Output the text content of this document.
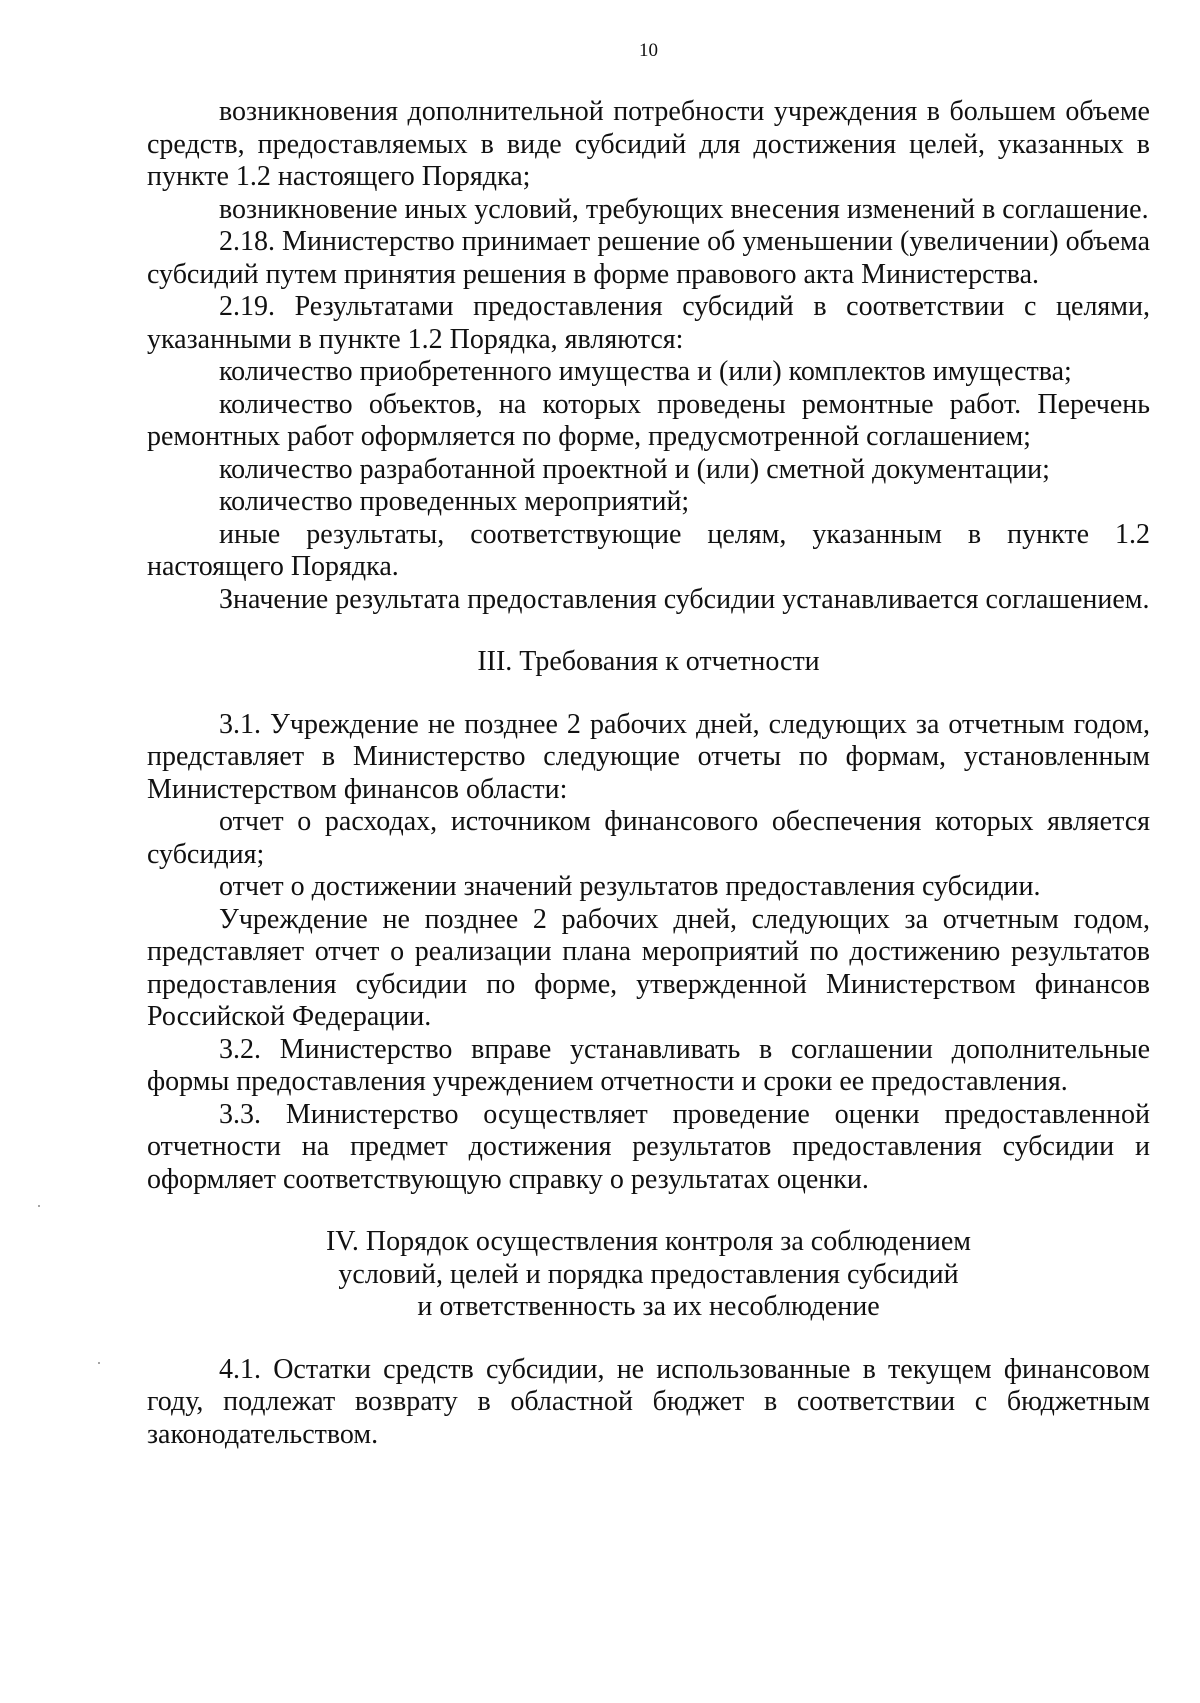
10

возникновения дополнительной потребности учреждения в большем объеме средств, предоставляемых в виде субсидий для достижения целей, указанных в пункте 1.2 настоящего Порядка;

возникновение иных условий, требующих внесения изменений в соглашение.

2.18. Министерство принимает решение об уменьшении (увеличении) объема субсидий путем принятия решения в форме правового акта Министерства.

2.19. Результатами предоставления субсидий в соответствии с целями, указанными в пункте 1.2 Порядка, являются:

количество приобретенного имущества и (или) комплектов имущества;

количество объектов, на которых проведены ремонтные работ. Перечень ремонтных работ оформляется по форме, предусмотренной соглашением;

количество разработанной проектной и (или) сметной документации;

количество проведенных мероприятий;

иные результаты, соответствующие целям, указанным в пункте 1.2 настоящего Порядка.

Значение результата предоставления субсидии устанавливается соглашением.

III. Требования к отчетности

3.1. Учреждение не позднее 2 рабочих дней, следующих за отчетным годом, представляет в Министерство следующие отчеты по формам, установленным Министерством финансов области:

отчет о расходах, источником финансового обеспечения которых является субсидия;

отчет о достижении значений результатов предоставления субсидии.

Учреждение не позднее 2 рабочих дней, следующих за отчетным годом, представляет отчет о реализации плана мероприятий по достижению результатов предоставления субсидии по форме, утвержденной Министерством финансов Российской Федерации.

3.2. Министерство вправе устанавливать в соглашении дополнительные формы предоставления учреждением отчетности и сроки ее предоставления.

3.3. Министерство осуществляет проведение оценки предоставленной отчетности на предмет достижения результатов предоставления субсидии и оформляет соответствующую справку о результатах оценки.

IV. Порядок осуществления контроля за соблюдением
условий, целей и порядка предоставления субсидий
и ответственность за их несоблюдение

4.1. Остатки средств субсидии, не использованные в текущем финансовом году, подлежат возврату в областной бюджет в соответствии с бюджетным законодательством.
